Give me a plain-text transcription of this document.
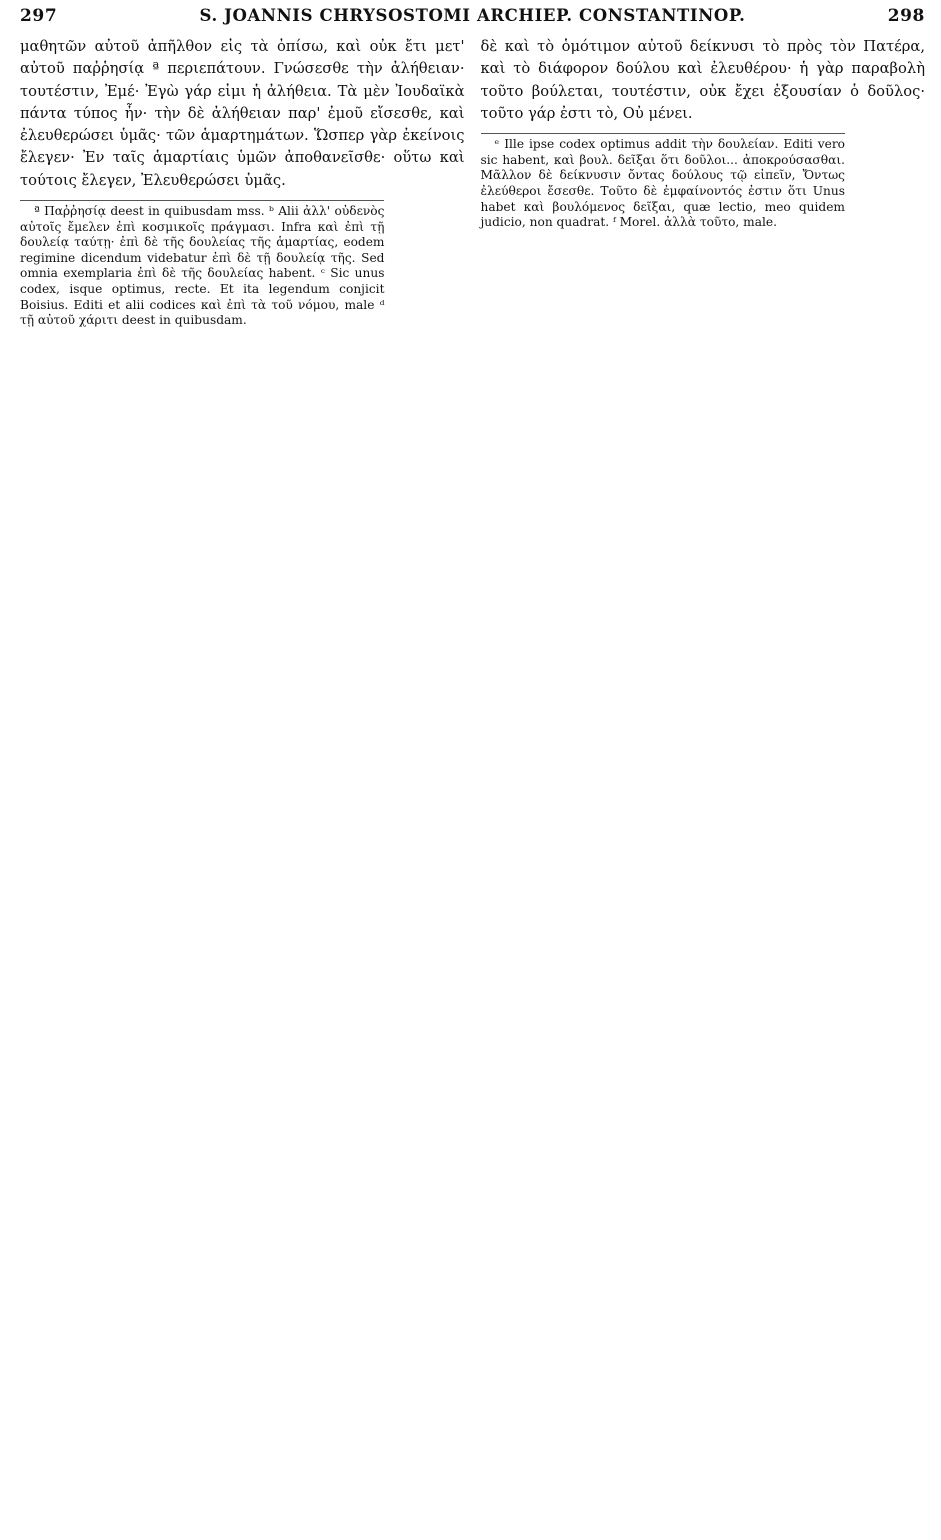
297	S. JOANNIS CHRYSOSTOMI ARCHIEP. CONSTANTINOP.	298

μαθητῶν αὐτοῦ ἀπῆλθον εἰς τὰ ὀπίσω, καὶ οὐκ ἔτι μετ' αὐτοῦ παῤῥησίᾳ ª περιεπάτουν. Γνώσεσθε τὴν ἀλήθειαν· τουτέστιν, Ἐμέ· Ἐγὼ γάρ εἰμι ἡ ἀλήθεια. Τὰ μὲν Ἰουδαϊκὰ πάντα τύπος ἦν· τὴν δὲ ἀλήθειαν παρ' ἐμοῦ εἴσεσθε, καὶ ἐλευθερώσει ὑμᾶς· τῶν ἁμαρτημάτων. Ὥσπερ γὰρ ἐκείνοις ἔλεγεν· Ἐν ταῖς ἁμαρτίαις ὑμῶν ἀποθανεῖσθε· οὕτω καὶ τούτοις ἔλεγεν, Ἐλευθερώσει ὑμᾶς.

ª Παῤῥησίᾳ deest in quibusdam mss. ᵇ Alii ἀλλ' οὐδενὸς αὐτοῖς ἔμελεν ἐπὶ κοσμικοῖς πράγμασι. Infra καὶ ἐπὶ τῇ δουλείᾳ ταύτῃ· ἐπὶ δὲ τῆς δουλείας τῆς ἁμαρτίας, eodem regimine dicendum videbatur ἐπὶ δὲ τῇ δουλείᾳ τῆς. Sed omnia exemplaria ἐπὶ δὲ τῆς δουλείας habent. ᶜ Sic unus codex, isque optimus, recte. Et ita legendum conjicit Boisius. Editi et alii codices καὶ ἐπὶ τὰ τοῦ νόμου, male ᵈ τῇ αὐτοῦ χάριτι deest in quibusdam.

δὲ καὶ τὸ ὁμότιμον αὐτοῦ δείκνυσι τὸ πρὸς τὸν Πατέρα, καὶ τὸ διάφορον δούλου καὶ ἐλευθέρου· ἡ γὰρ παραβολὴ τοῦτο βούλεται, τουτέστιν, οὐκ ἔχει ἐξουσίαν ὁ δοῦλος· τοῦτο γάρ ἐστι τὸ, Οὐ μένει.

ᵉ Ille ipse codex optimus addit τὴν δουλείαν. Editi vero sic habent, καὶ βουλ. δεῖξαι ὅτι δοῦλοι... ἀποκρούσασθαι. Μᾶλλον δὲ δείκνυσιν ὄντας δούλους τῷ εἰπεῖν, Ὄντως ἐλεύθεροι ἔσεσθε. Τοῦτο δὲ ἐμφαίνοντός ἐστιν ὅτι Unus habet καὶ βουλόμενος δεῖξαι, quæ lectio, meo quidem judicio, non quadrat. ᶠ Morel. ἀλλὰ τοῦτο, male.
